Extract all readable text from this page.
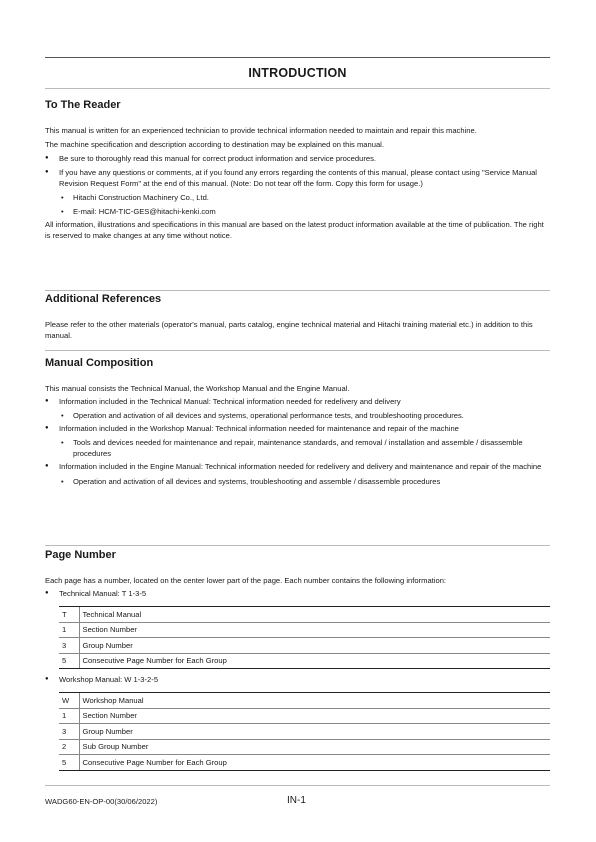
INTRODUCTION
To The Reader

This manual is written for an experienced technician to provide technical information needed to maintain and repair this machine.

The machine specification and description according to destination may be explained on this manual.

● Be sure to thoroughly read this manual for correct product information and service procedures.
● If you have any questions or comments, at if you found any errors regarding the contents of this manual, please contact using "Service Manual Revision Request Form" at the end of this manual. (Note: Do not tear off the form. Copy this form for usage.)
• Hitachi Construction Machinery Co., Ltd.
• E-mail: HCM-TIC-GES@hitachi-kenki.com

All information, illustrations and specifications in this manual are based on the latest product information available at the time of publication. The right is reserved to make changes at any time without notice.

Additional References

Please refer to the other materials (operator's manual, parts catalog, engine technical material and Hitachi training material etc.) in addition to this manual.

Manual Composition

This manual consists the Technical Manual, the Workshop Manual and the Engine Manual.

● Information included in the Technical Manual: Technical information needed for redelivery and delivery
• Operation and activation of all devices and systems, operational performance tests, and troubleshooting procedures.
● Information included in the Workshop Manual: Technical information needed for maintenance and repair of the machine
• Tools and devices needed for maintenance and repair, maintenance standards, and removal / installation and assemble / disassemble procedures
● Information included in the Engine Manual: Technical information needed for redelivery and delivery and maintenance and repair of the machine
• Operation and activation of all devices and systems, troubleshooting and assemble / disassemble procedures
Page Number

Each page has a number, located on the center lower part of the page. Each number contains the following information:

● Technical Manual: T 1-3-5
T	Technical Manual
1	Section Number
3	Group Number
5	Consecutive Page Number for Each Group
● Workshop Manual: W 1-3-2-5
W	Workshop Manual
1	Section Number
3	Group Number
2	Sub Group Number
5	Consecutive Page Number for Each Group
WADG60-EN-OP-00(30/06/2022)	IN-1
